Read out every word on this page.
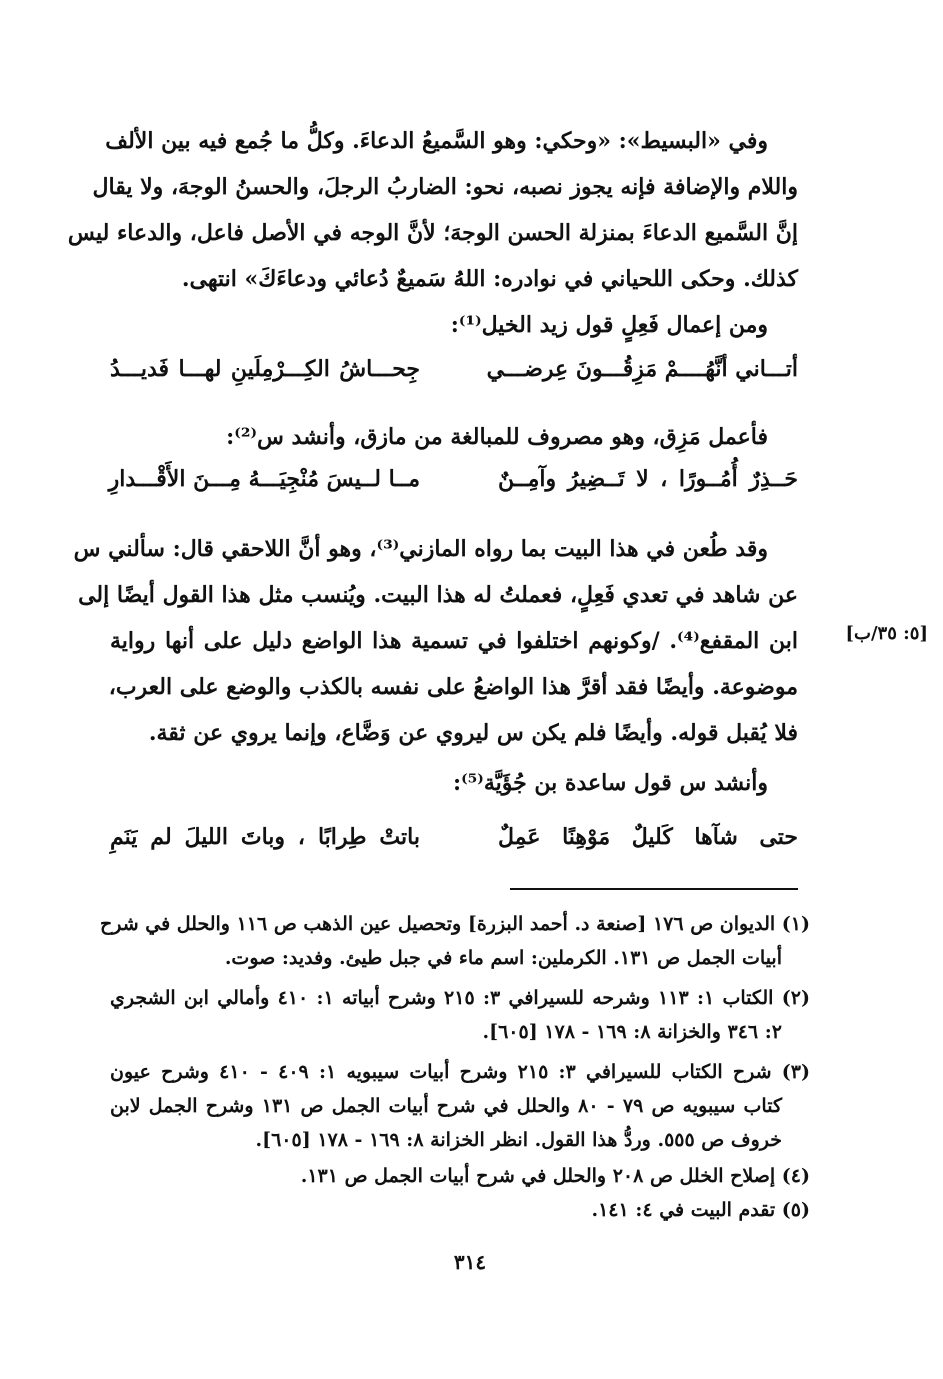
وفي «البسيط»: «وحكي: وهو السَّميعُ الدعاءَ. وكلُّ ما جُمع فيه بين الألف
واللام والإضافة فإنه يجوز نصبه، نحو: الضاربُ الرجلَ، والحسنُ الوجهَ، ولا يقال
إنَّ السَّميع الدعاءَ بمنزلة الحسن الوجهَ؛ لأنَّ الوجه في الأصل فاعل، والدعاء ليس
كذلك. وحكى اللحياني في نوادره: اللهُ سَميعٌ دُعائي ودعاءَكَ» انتهى.
ومن إعمال فَعِلٍ قول زيد الخيل⁽¹⁾:
أتـــاني أنَّهُــــمْ مَزِقُـــونَ عِرضـــي
جِحـــاشُ الكِـــرْمِلَينِ لهـــا فَديـــدُ
فأعمل مَزِق، وهو مصروف للمبالغة من مازق، وأنشد س⁽²⁾:
حَــذِرٌ أُمُــورًا ، لا تَــضِيرُ وآمِــنٌ
مــا لــيسَ مُنْجِيَـــهُ مِـــنَ الأَقْـــدارِ
وقد طُعن في هذا البيت بما رواه المازني⁽³⁾، وهو أنَّ اللاحقي قال: سألني س
عن شاهد في تعدي فَعِلٍ، فعملتُ له هذا البيت. ويُنسب مثل هذا القول أيضًا إلى
ابن المقفع⁽⁴⁾. /وكونهم اختلفوا في تسمية هذا الواضع دليل على أنها رواية
موضوعة. وأيضًا فقد أقرَّ هذا الواضعُ على نفسه بالكذب والوضع على العرب،
فلا يُقبل قوله. وأيضًا فلم يكن س ليروي عن وَضَّاع، وإنما يروي عن ثقة.
[٥: ٣٥/ب]
وأنشد س قول ساعدة بن جُؤَيَّة⁽⁵⁾:
حتى شآها كَليلٌ مَوْهِنًا عَمِلٌ
باتتْ طِرابًا ، وباتَ الليلَ لم يَنَمِ
(١) الديوان ص ١٧٦ [صنعة د. أحمد البزرة] وتحصيل عين الذهب ص ١١٦ والحلل في شرح
أبيات الجمل ص ١٣١. الكرملين: اسم ماء في جبل طيئ. وفديد: صوت.
(٢) الكتاب ١: ١١٣ وشرحه للسيرافي ٣: ٢١٥ وشرح أبياته ١: ٤١٠ وأمالي ابن الشجري
٢: ٣٤٦ والخزانة ٨: ١٦٩ - ١٧٨ [٦٠٥].
(٣) شرح الكتاب للسيرافي ٣: ٢١٥ وشرح أبيات سيبويه ١: ٤٠٩ - ٤١٠ وشرح عيون
كتاب سيبويه ص ٧٩ - ٨٠ والحلل في شرح أبيات الجمل ص ١٣١ وشرح الجمل لابن
خروف ص ٥٥٥. وردُّ هذا القول. انظر الخزانة ٨: ١٦٩ - ١٧٨ [٦٠٥].
(٤) إصلاح الخلل ص ٢٠٨ والحلل في شرح أبيات الجمل ص ١٣١.
(٥) تقدم البيت في ٤: ١٤١.
٣١٤
